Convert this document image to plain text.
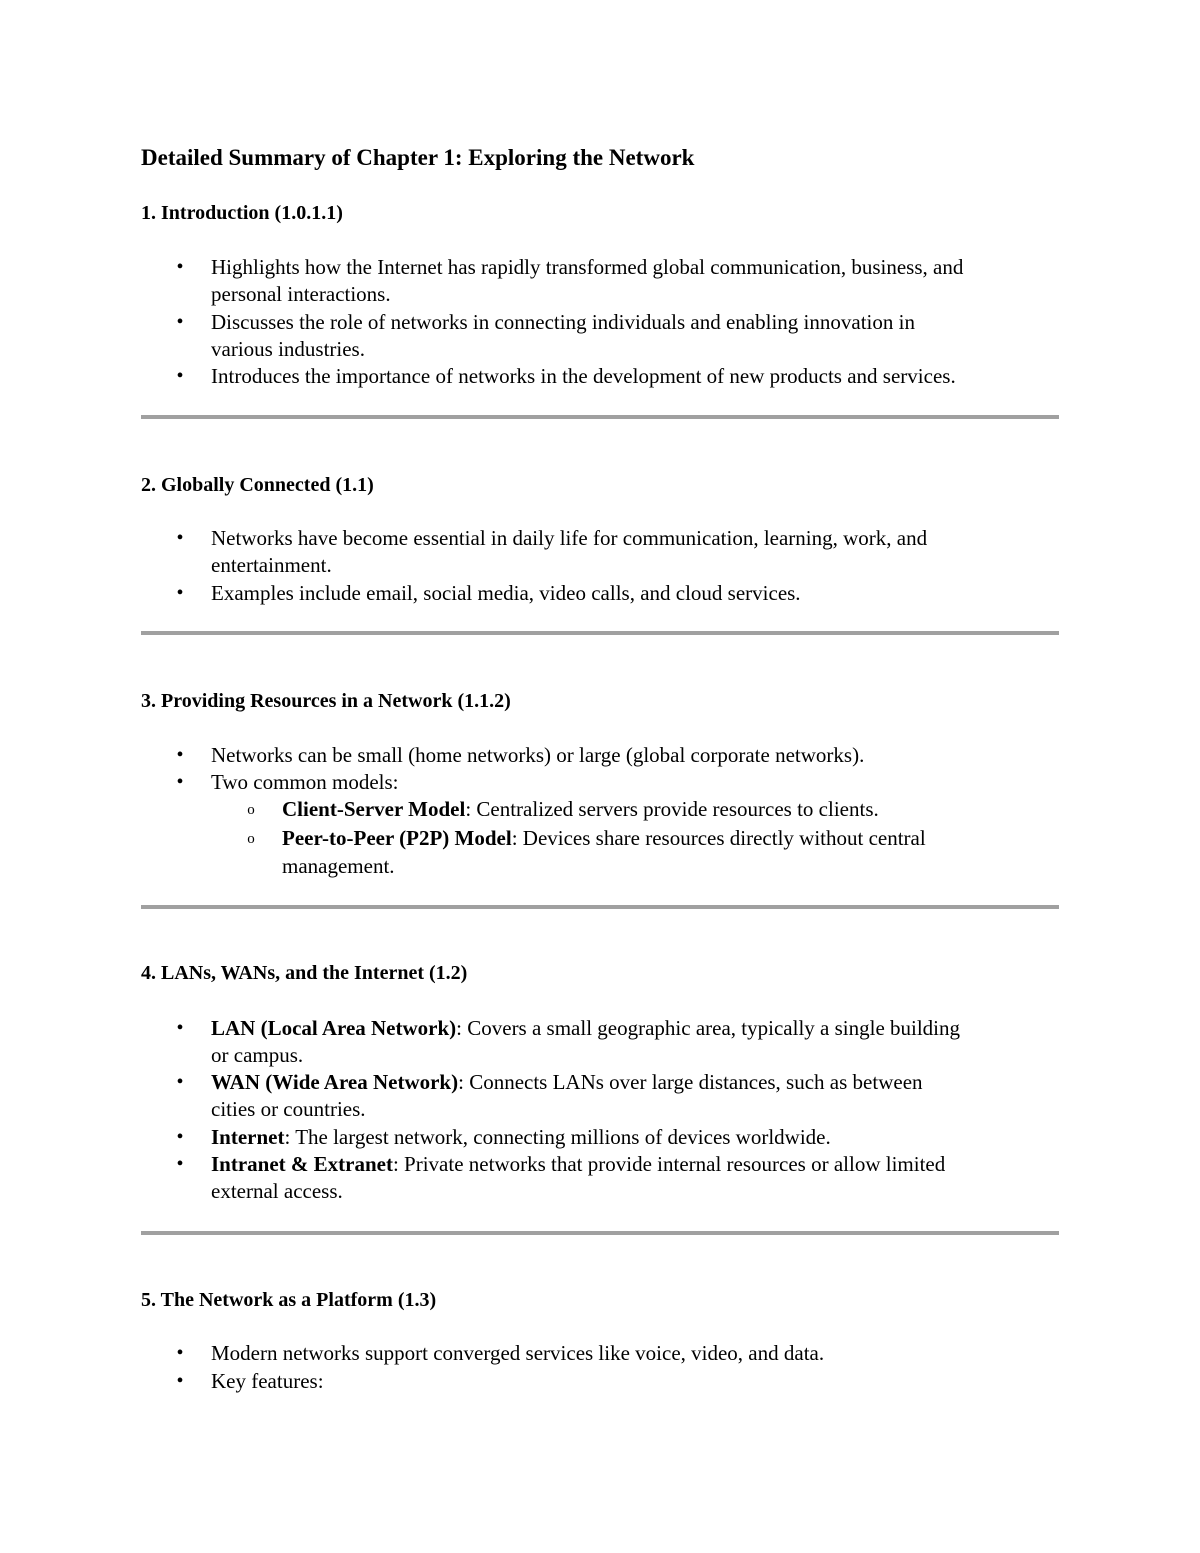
Detailed Summary of Chapter 1: Exploring the Network
1. Introduction (1.0.1.1)
•	Highlights how the Internet has rapidly transformed global communication, business, and
personal interactions.
•	Discusses the role of networks in connecting individuals and enabling innovation in
various industries.
•	Introduces the importance of networks in the development of new products and services.
2. Globally Connected (1.1)
•	Networks have become essential in daily life for communication, learning, work, and
entertainment.
•	Examples include email, social media, video calls, and cloud services.
3. Providing Resources in a Network (1.1.2)
•	Networks can be small (home networks) or large (global corporate networks).
•	Two common models:
o Client-Server Model: Centralized servers provide resources to clients.
o Peer-to-Peer (P2P) Model: Devices share resources directly without central
management.
4. LANs, WANs, and the Internet (1.2)
•	LAN (Local Area Network): Covers a small geographic area, typically a single building
or campus.
•	WAN (Wide Area Network): Connects LANs over large distances, such as between
cities or countries.
•	Internet: The largest network, connecting millions of devices worldwide.
•	Intranet & Extranet: Private networks that provide internal resources or allow limited
external access.
5. The Network as a Platform (1.3)
•	Modern networks support converged services like voice, video, and data.
•	Key features:
